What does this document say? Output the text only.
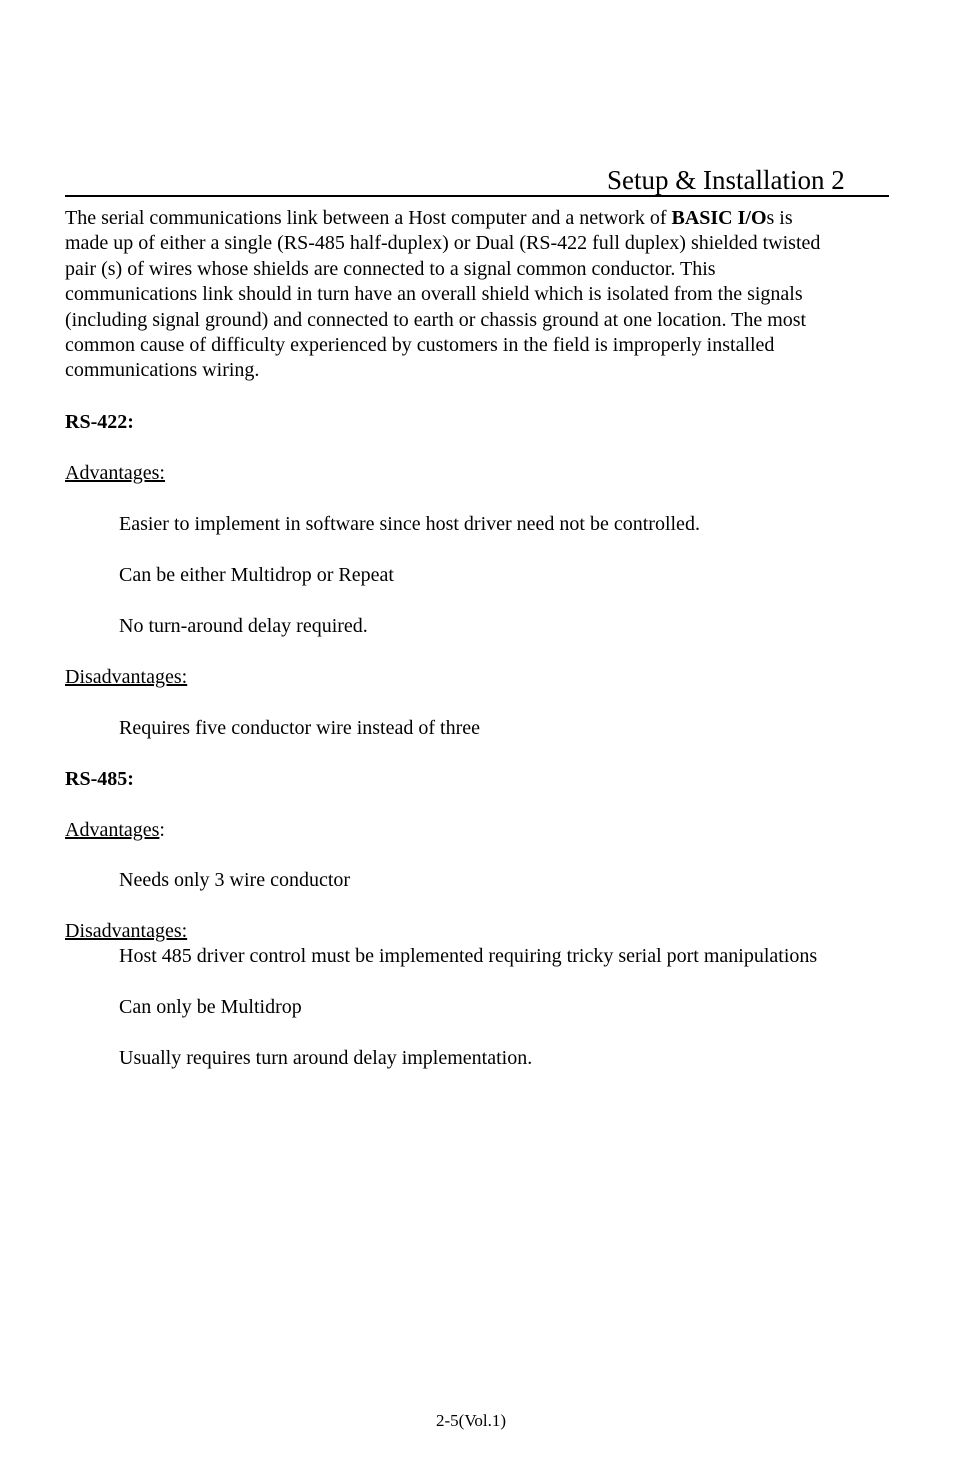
Setup & Installation 2
The serial communications link between a Host computer and a network of BASIC I/Os is
made up of either a single (RS-485 half-duplex) or Dual (RS-422 full duplex) shielded twisted
pair (s) of wires whose shields are connected to a signal common conductor. This
communications link should in turn have an overall shield which is isolated from the signals
(including signal ground) and connected to earth or chassis ground at one location. The most
common cause of difficulty experienced by customers in the field is improperly installed
communications wiring.
RS-422:
Advantages:
Easier to implement in software since host driver need not be controlled.
Can be either Multidrop or Repeat
No turn-around delay required.
Disadvantages:
Requires five conductor wire instead of three
RS-485:
Advantages:
Needs only 3 wire conductor
Disadvantages:
Host 485 driver control must be implemented requiring tricky serial port manipulations
Can only be Multidrop
Usually requires turn around delay implementation.
2-5(Vol.1)
